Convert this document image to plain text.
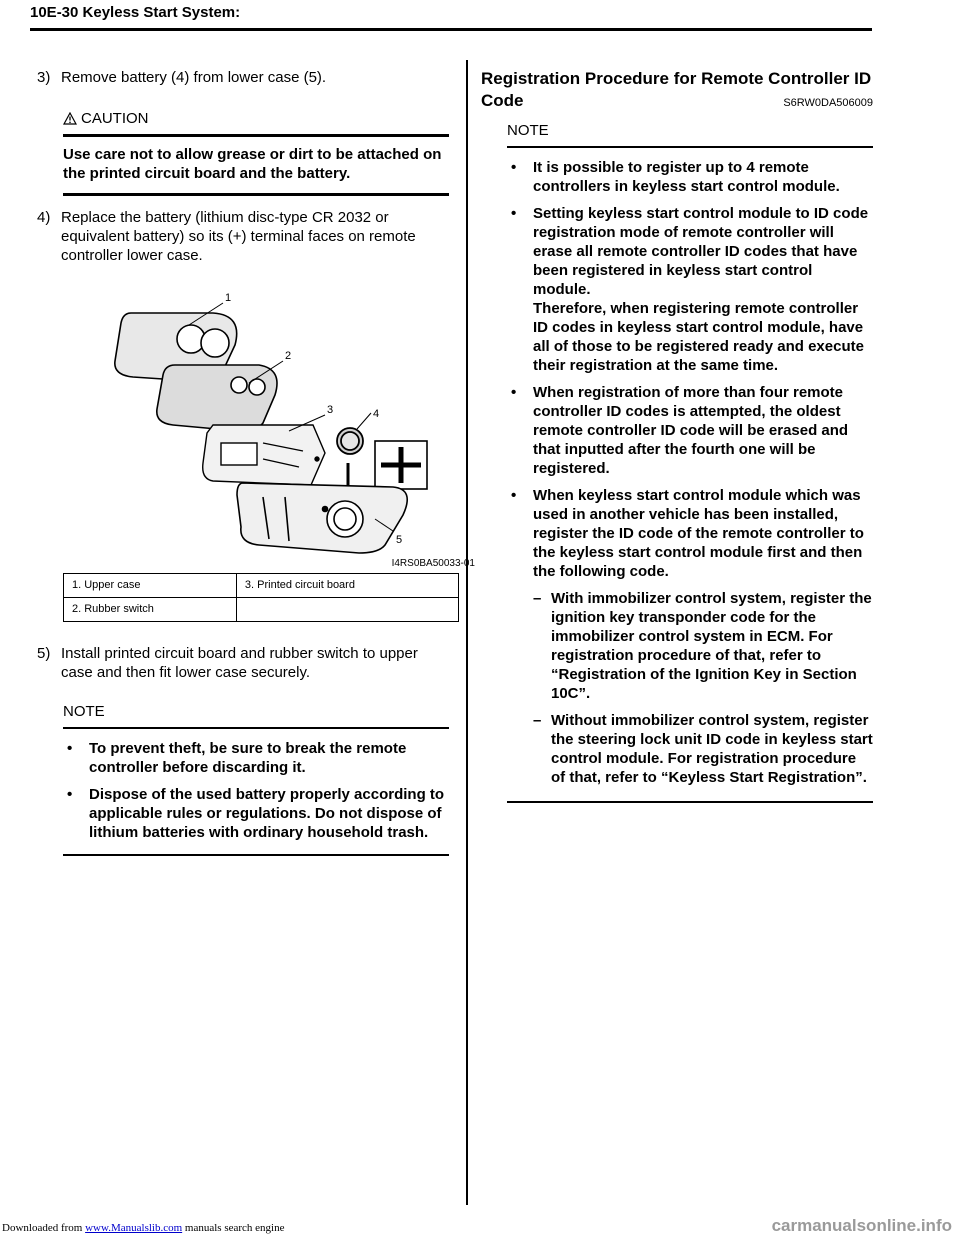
10E-30 Keyless Start System:
3) Remove battery (4) from lower case (5).
CAUTION
Use care not to allow grease or dirt to be attached on the printed circuit board and the battery.
4) Replace the battery (lithium disc-type CR 2032 or equivalent battery) so its (+) terminal faces on remote controller lower case.
1
2
3	4
5
I4RS0BA50033-01
1. Upper case	3. Printed circuit board
2. Rubber switch	
5) Install printed circuit board and rubber switch to upper case and then fit lower case securely.
NOTE
•	To prevent theft, be sure to break the remote controller before discarding it.
•	Dispose of the used battery properly according to applicable rules or regulations. Do not dispose of lithium batteries with ordinary household trash.
Registration Procedure for Remote Controller ID Code	S6RW0DA506009
NOTE
•	It is possible to register up to 4 remote controllers in keyless start control module.
•	Setting keyless start control module to ID code registration mode of remote controller will erase all remote controller ID codes that have been registered in keyless start control module.
Therefore, when registering remote controller ID codes in keyless start control module, have all of those to be registered ready and execute their registration at the same time.
•	When registration of more than four remote controller ID codes is attempted, the oldest remote controller ID code will be erased and that inputted after the fourth one will be registered.
•	When keyless start control module which was used in another vehicle has been installed, register the ID code of the remote controller to the keyless start control module first and then the following code.
– With immobilizer control system, register the ignition key transponder code for the immobilizer control system in ECM. For registration procedure of that, refer to “Registration of the Ignition Key in Section 10C”.
– Without immobilizer control system, register the steering lock unit ID code in keyless start control module. For registration procedure of that, refer to “Keyless Start Registration”.
Downloaded from www.Manualslib.com manuals search engine	carmanualsonline.info
